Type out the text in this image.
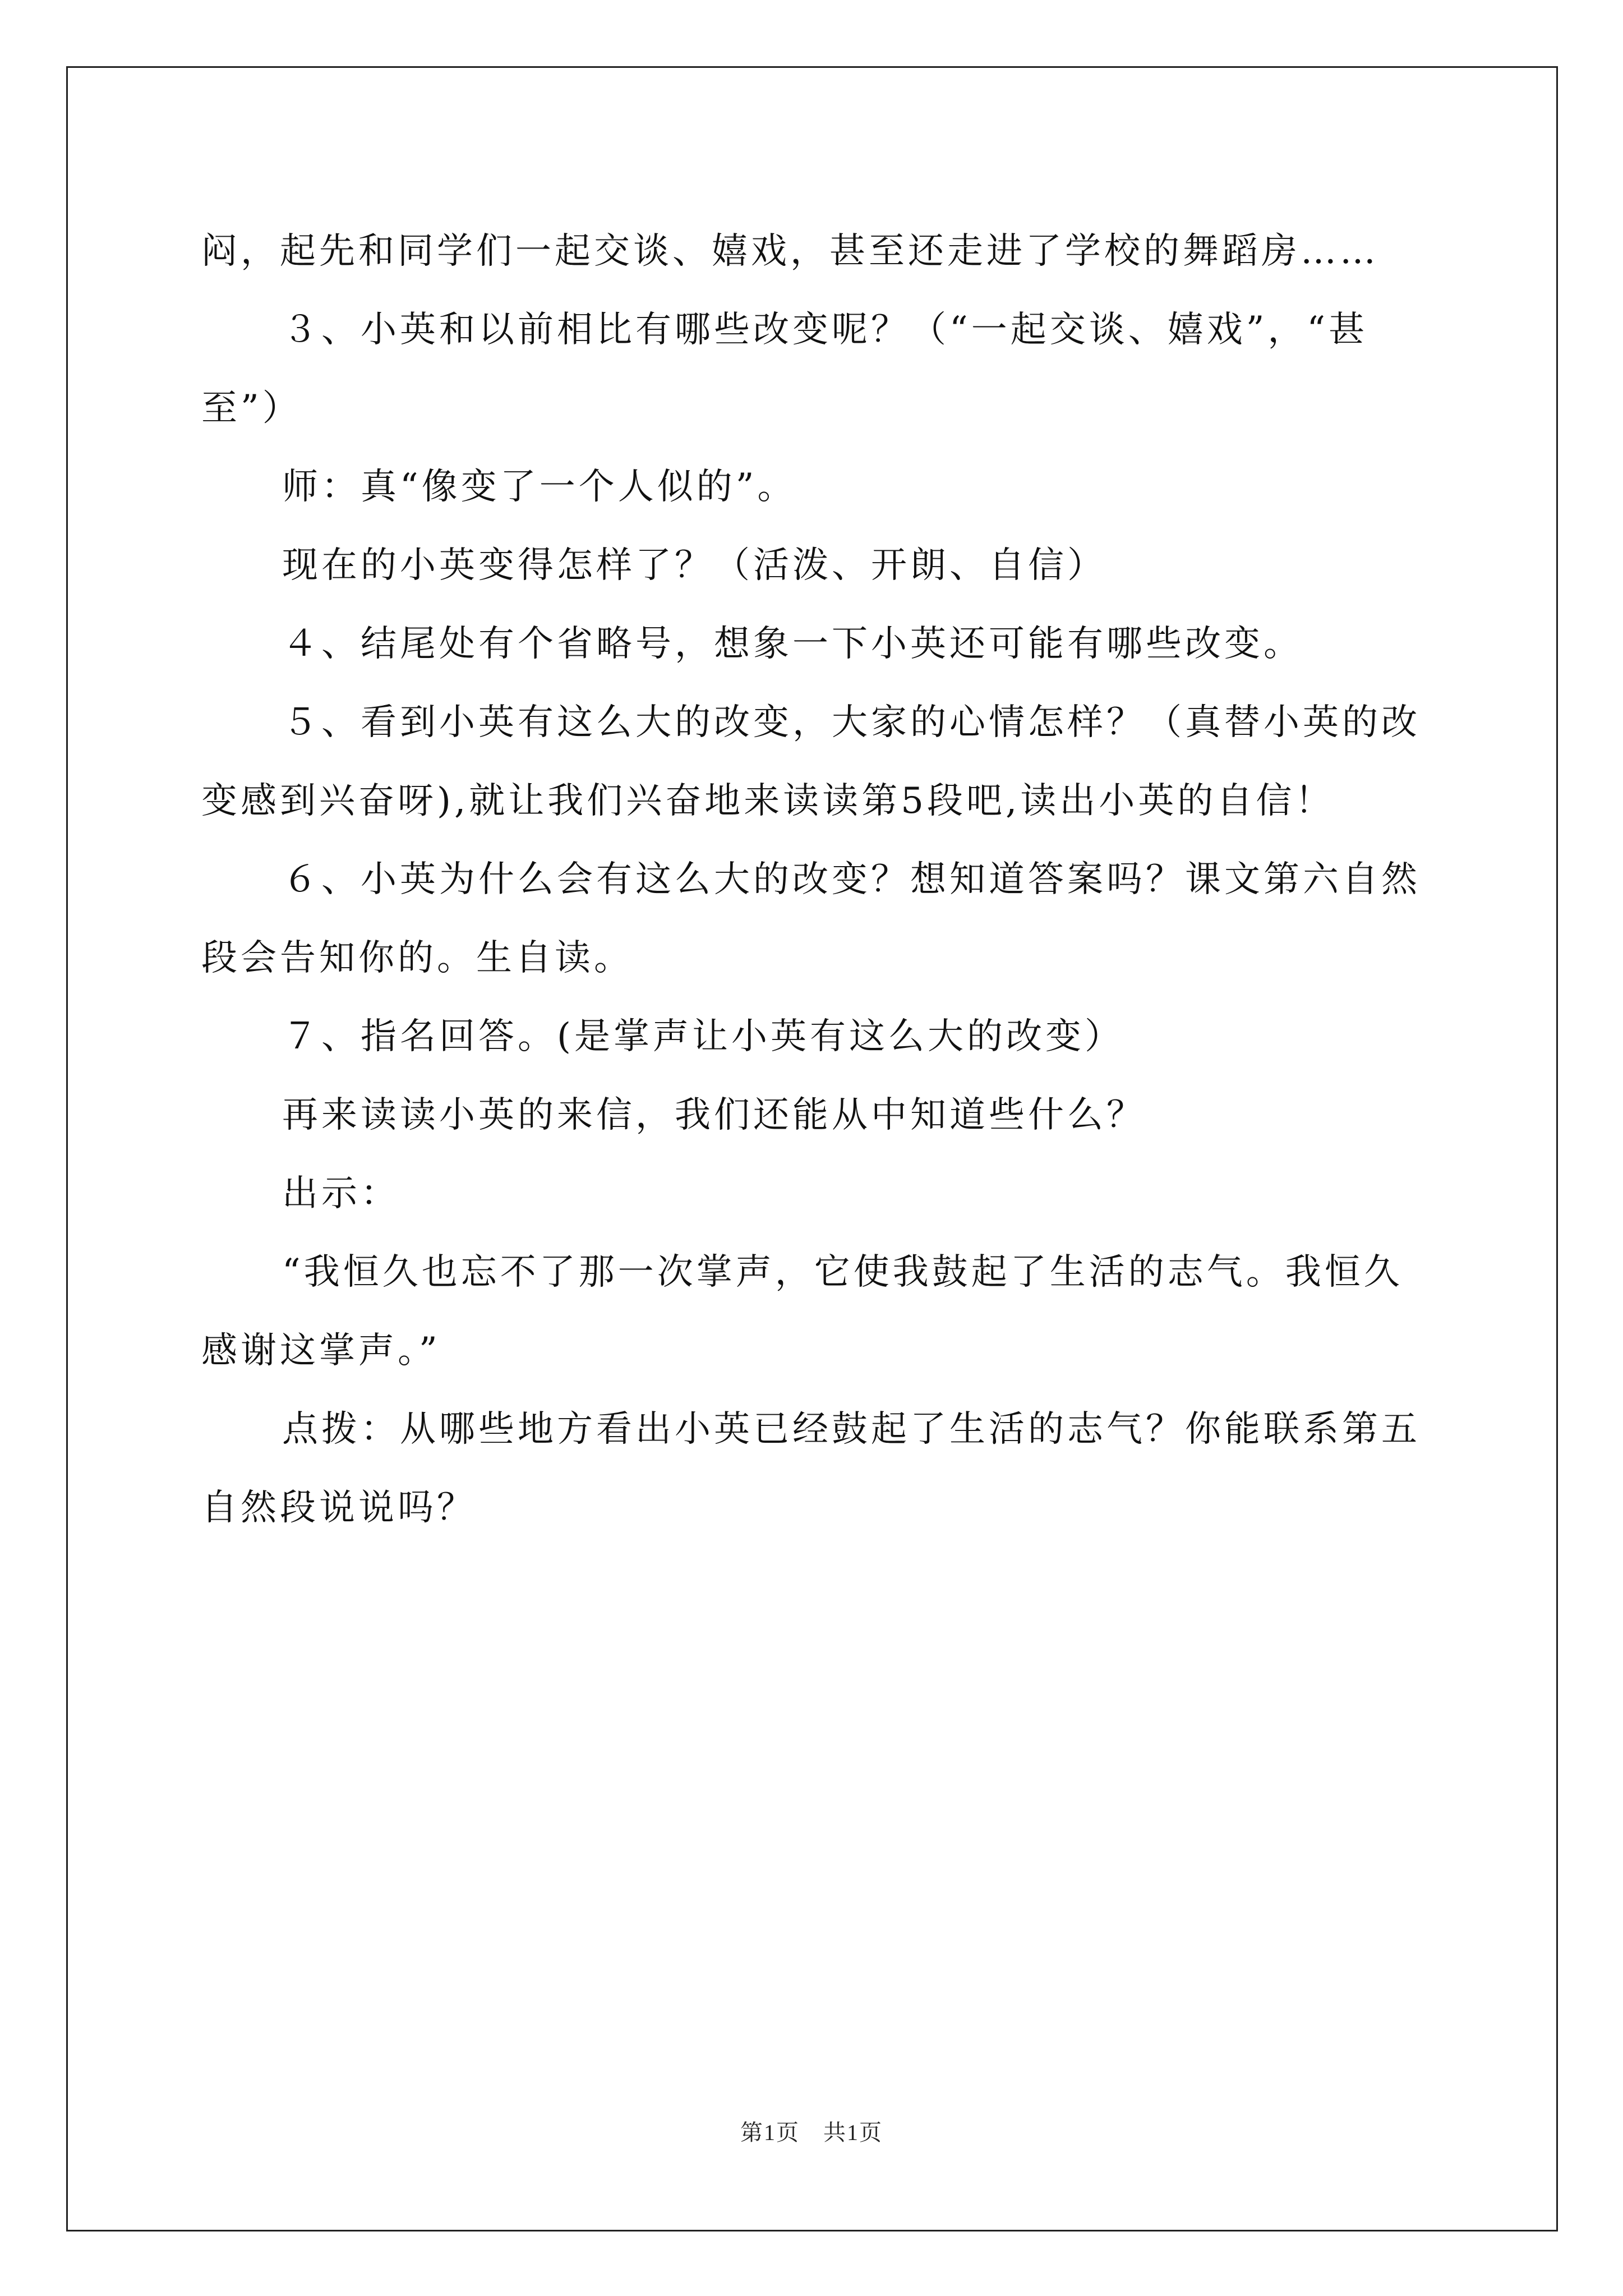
闷，起先和同学们一起交谈、嬉戏，甚至还走进了学校的舞蹈房……

３、小英和以前相比有哪些改变呢？（“一起交谈、嬉戏”，“甚至”）

师：真“像变了一个人似的”。

现在的小英变得怎样了？（活泼、开朗、自信）

４、结尾处有个省略号，想象一下小英还可能有哪些改变。

５、看到小英有这么大的改变，大家的心情怎样？（真替小英的改变感到兴奋呀),就让我们兴奋地来读读第5段吧,读出小英的自信！

６、小英为什么会有这么大的改变？想知道答案吗？课文第六自然段会告知你的。生自读。

７、指名回答。(是掌声让小英有这么大的改变）

再来读读小英的来信，我们还能从中知道些什么？

出示：

“我恒久也忘不了那一次掌声，它使我鼓起了生活的志气。我恒久感谢这掌声。”

点拨：从哪些地方看出小英已经鼓起了生活的志气？你能联系第五自然段说说吗？

第1页　共1页
